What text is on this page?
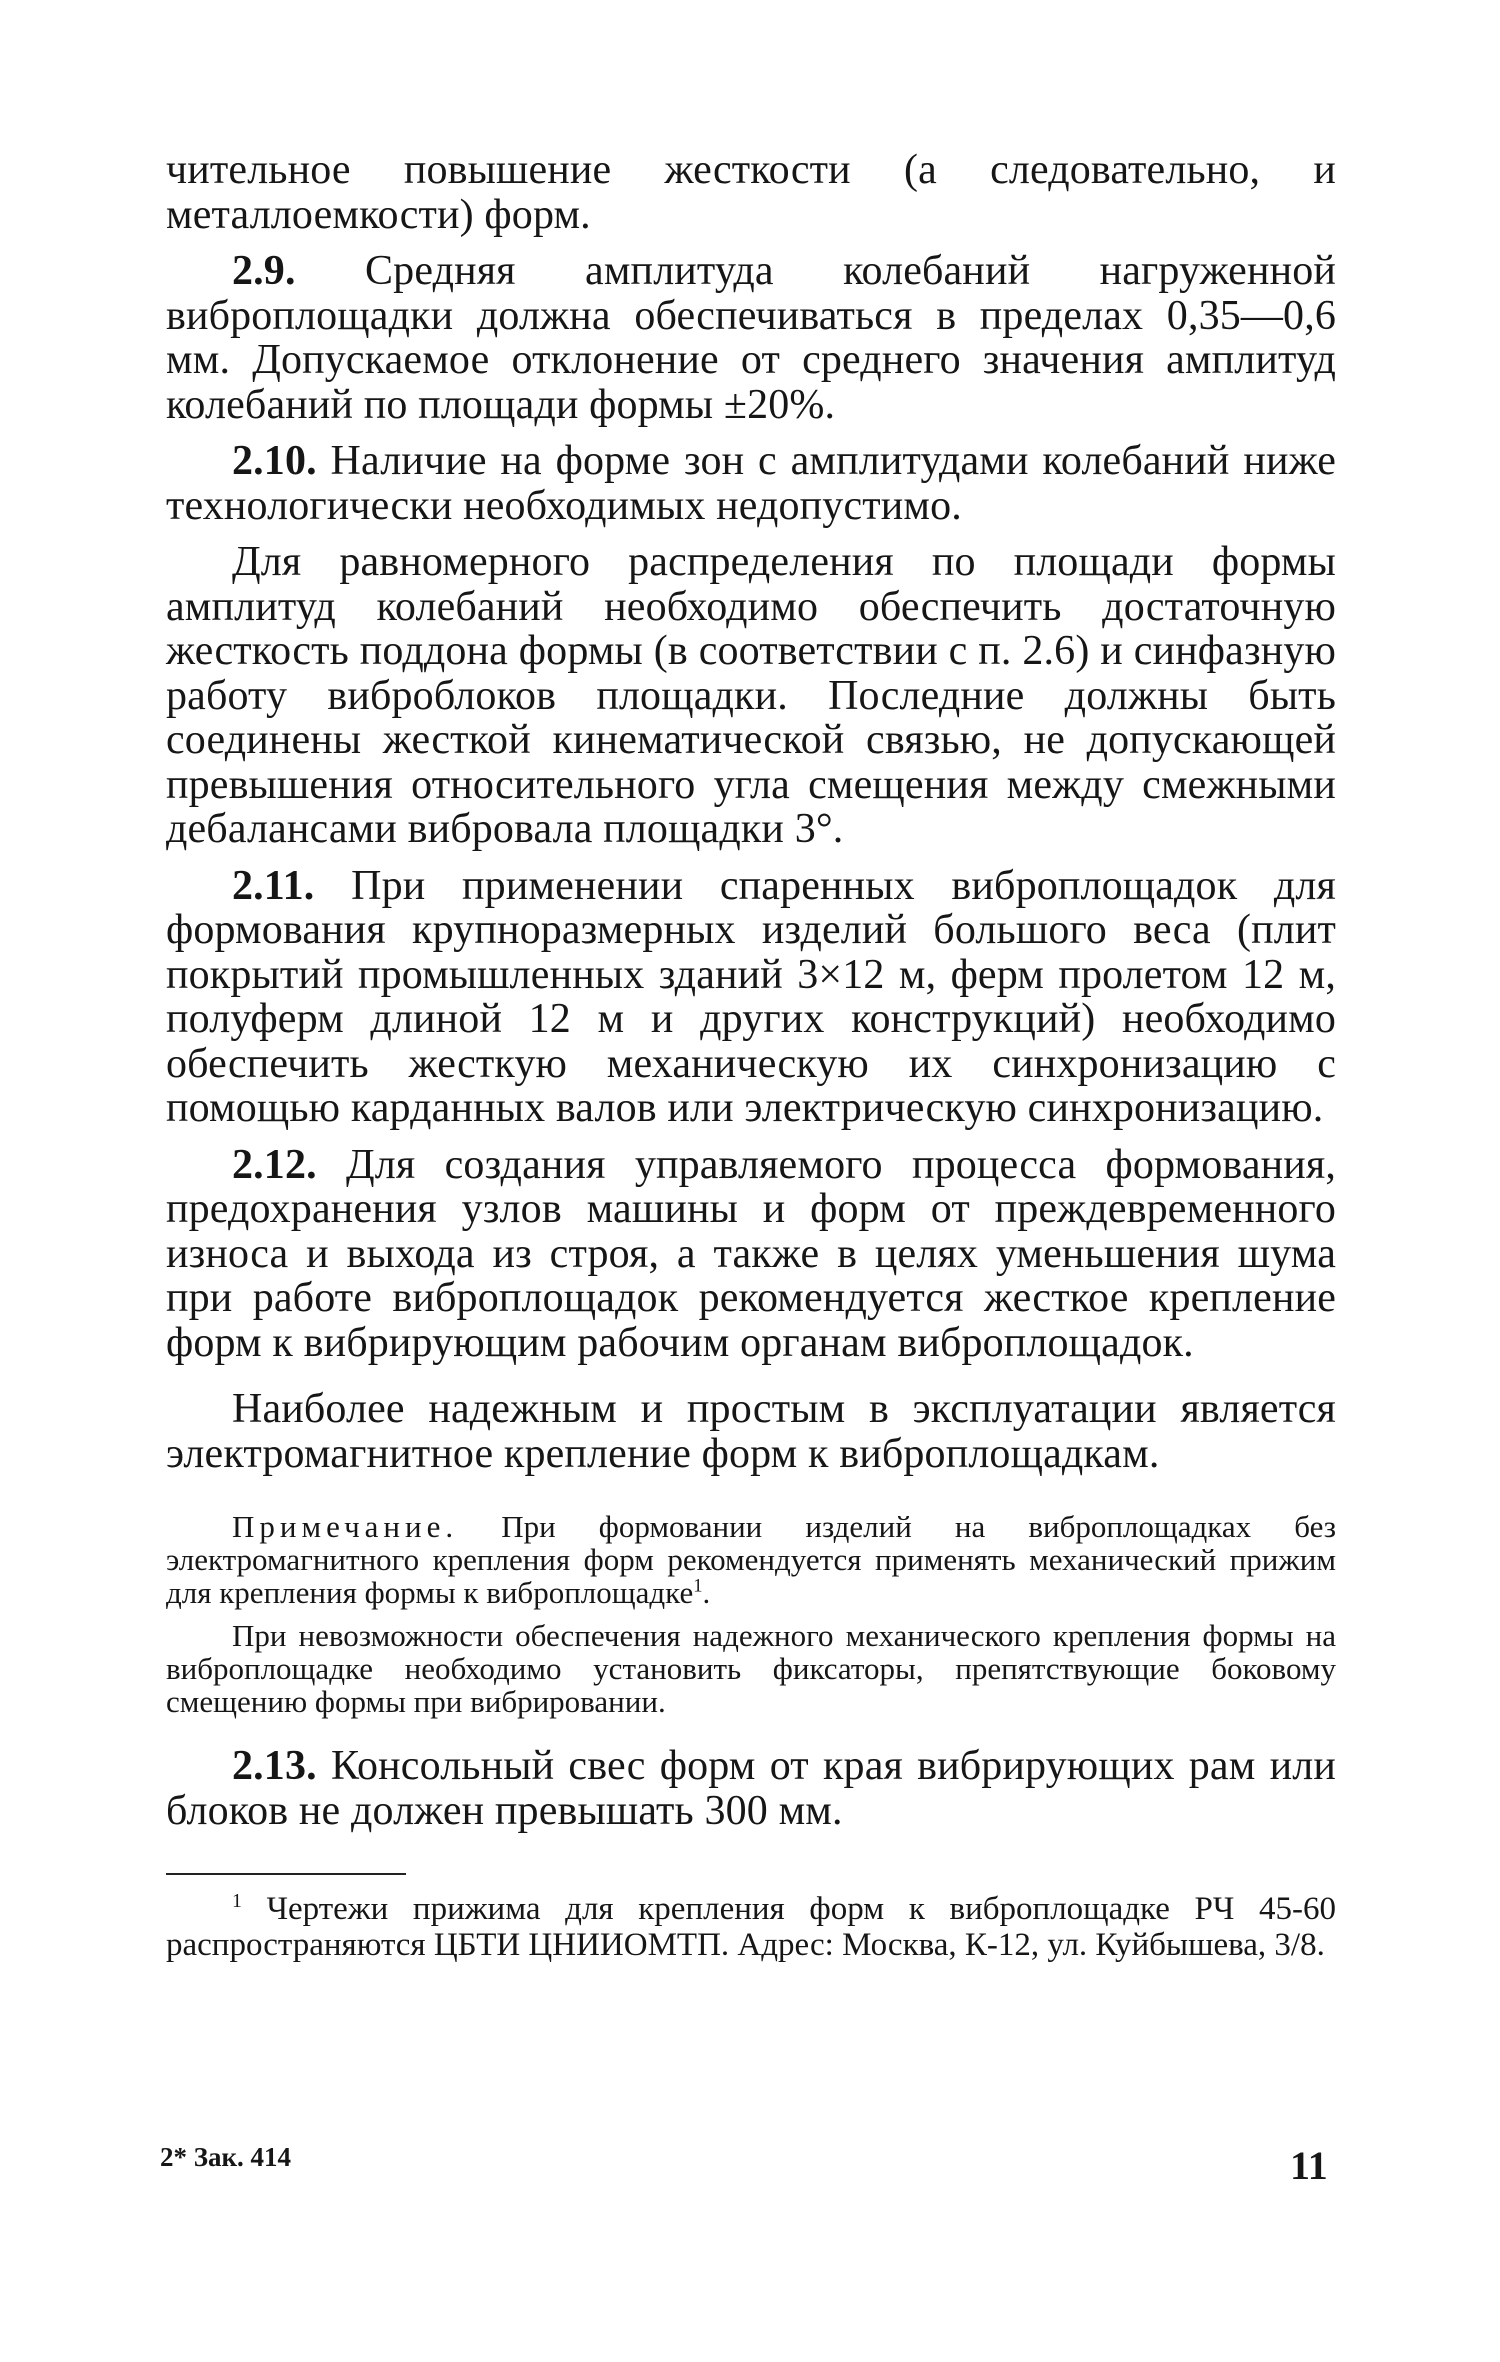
чительное повышение жесткости (а следовательно, и металлоемкости) форм.

2.9. Средняя амплитуда колебаний нагруженной виброплощадки должна обеспечиваться в пределах 0,35—0,6 мм. Допускаемое отклонение от среднего значения амплитуд колебаний по площади формы ±20%.

2.10. Наличие на форме зон с амплитудами колебаний ниже технологически необходимых недопустимо.

Для равномерного распределения по площади формы амплитуд колебаний необходимо обеспечить достаточную жесткость поддона формы (в соответствии с п. 2.6) и синфазную работу виброблоков площадки. Последние должны быть соединены жесткой кинематической связью, не допускающей превышения относительного угла смещения между смежными дебалансами вибровала площадки 3°.

2.11. При применении спаренных виброплощадок для формования крупноразмерных изделий большого веса (плит покрытий промышленных зданий 3×12 м, ферм пролетом 12 м, полуферм длиной 12 м и других конструкций) необходимо обеспечить жесткую механическую их синхронизацию с помощью карданных валов или электрическую синхронизацию.

2.12. Для создания управляемого процесса формования, предохранения узлов машины и форм от преждевременного износа и выхода из строя, а также в целях уменьшения шума при работе виброплощадок рекомендуется жесткое крепление форм к вибрирующим рабочим органам виброплощадок.

Наиболее надежным и простым в эксплуатации является электромагнитное крепление форм к виброплощадкам.

Примечание. При формовании изделий на виброплощадках без электромагнитного крепления форм рекомендуется применять механический прижим для крепления формы к виброплощадке$^1$.

При невозможности обеспечения надежного механического крепления формы на виброплощадке необходимо установить фиксаторы, препятствующие боковому смещению формы при вибрировании.

2.13. Консольный свес форм от края вибрирующих рам или блоков не должен превышать 300 мм.

$^1$ Чертежи прижима для крепления форм к виброплощадке РЧ 45-60 распространяются ЦБТИ ЦНИИОМТП. Адрес: Москва, К-12, ул. Куйбышева, 3/8.

2* Зак. 414	11
